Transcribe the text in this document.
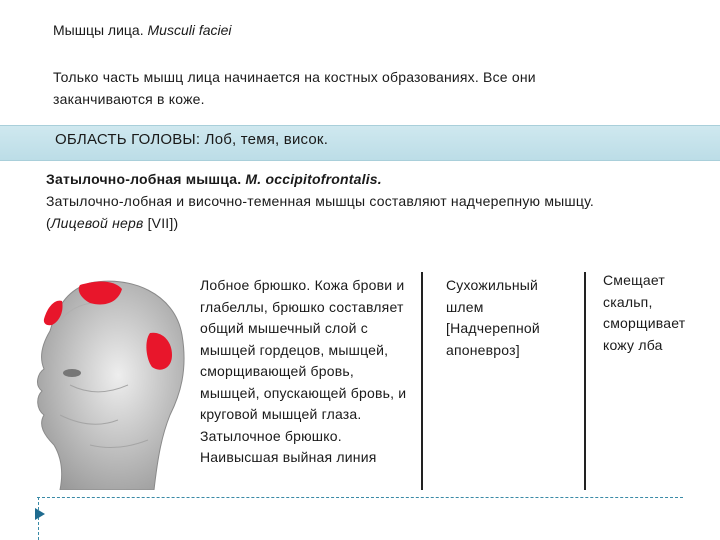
Мышцы лица. Musculi faciei
Только часть мышц лица начинается на костных образованиях. Все они заканчиваются в коже.
ОБЛАСТЬ ГОЛОВЫ: Лоб, темя, висок.
Затылочно-лобная мышца. М. occipitofrontalis.
Затылочно-лобная и височно-теменная мышцы составляют надчерепную мышцу.
(Лицевой нерв [VII])
Лобное брюшко. Кожа брови и глабеллы, брюшко составляет общий мышечный слой с мышцей гордецов, мышцей, сморщивающей бровь, мышцей, опускающей бровь, и круговой мышцей глаза. Затылочное брюшко. Наивысшая выйная линия
Сухожильный шлем [Надчерепной апоневроз]
Смещает скальп, сморщивает кожу лба
